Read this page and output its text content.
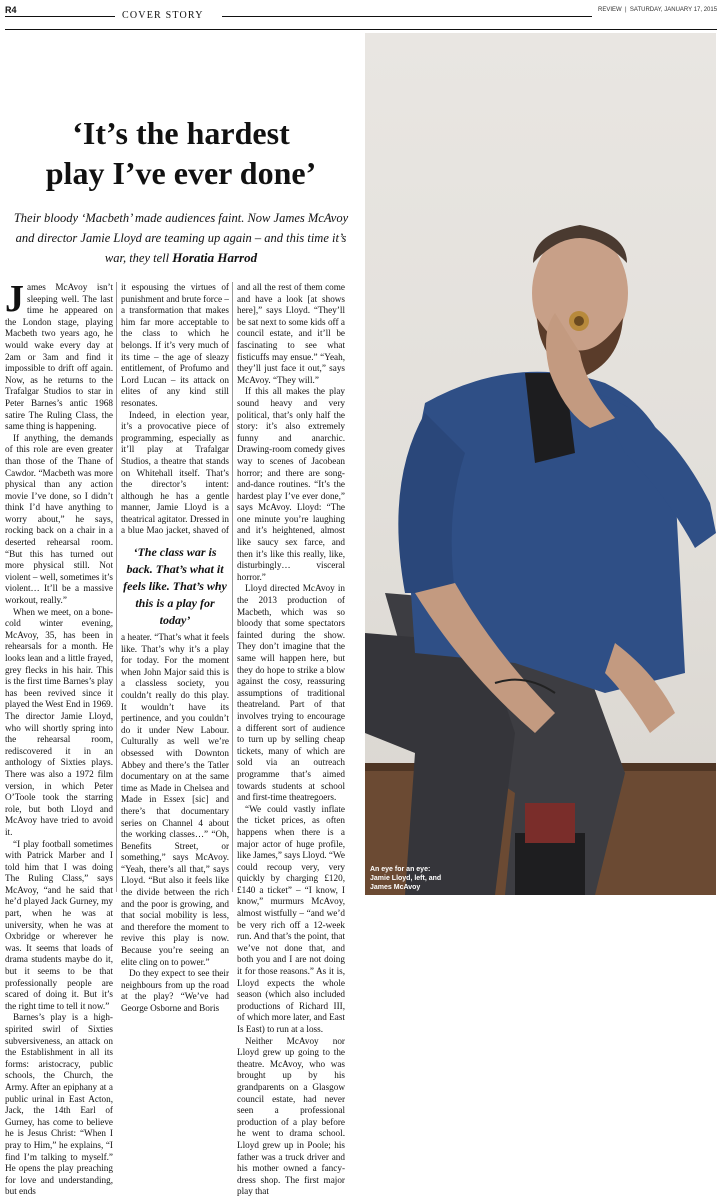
R4	COVER STORY	REVIEW  |  SATURDAY, JANUARY 17, 2015
‘It’s the hardest
play I’ve ever done’
Their bloody ‘Macbeth’ made audiences faint. Now James McAvoy and director Jamie Lloyd are teaming up again – and this time it’s war, they tell Horatia Harrod
J ames McAvoy isn’t sleeping well. The last time he appeared on the London stage, playing Macbeth two years ago, he would wake every day at 2am or 3am and find it impossible to drift off again. Now, as he returns to the Trafalgar Studios to star in Peter Barnes’s antic 1968 satire The Ruling Class, the same thing is happening.

If anything, the demands of this role are even greater than those of the Thane of Cawdor. “Macbeth was more physical than any action movie I’ve done, so I didn’t think I’d have anything to worry about,” he says, rocking back on a chair in a deserted rehearsal room. “But this has turned out more physical still. Not violent – well, sometimes it’s violent… It’ll be a massive workout, really.”

When we meet, on a bone-cold winter evening, McAvoy, 35, has been in rehearsals for a month. He looks lean and a little frayed, grey flecks in his hair. This is the first time Barnes’s play has been revived since it played the West End in 1969. The director Jamie Lloyd, who will shortly spring into the rehearsal room, rediscovered it in an anthology of Sixties plays. There was also a 1972 film version, in which Peter O’Toole took the starring role, but both Lloyd and McAvoy have tried to avoid it.

“I play football sometimes with Patrick Marber and I told him that I was doing The Ruling Class,” says McAvoy, “and he said that he’d played Jack Gurney, my part, when he was at university, when he was at Oxbridge or wherever he was. It seems that loads of drama students maybe do it, but it seems to be that professionally people are scared of doing it. But it’s the right time to tell it now.”

Barnes’s play is a high-spirited swirl of Sixties subversiveness, an attack on the Establishment in all its forms: aristocracy, public schools, the Church, the Army. After an epiphany at a public urinal in East Acton, Jack, the 14th Earl of Gurney, has come to believe he is Jesus Christ: “When I pray to Him,” he explains, “I find I’m talking to myself.” He opens the play preaching for love and understanding, but ends

it espousing the virtues of punishment and brute force – a transformation that makes him far more acceptable to the class to which he belongs. If it’s very much of its time – the age of sleazy entitlement, of Profumo and Lord Lucan – its attack on elites of any kind still resonates.

Indeed, in election year, it’s a provocative piece of programming, especially as it’ll play at Trafalgar Studios, a theatre that stands on Whitehall itself. That’s the director’s intent: although he has a gentle manner, Jamie Lloyd is a theatrical agitator. Dressed in a blue Mao jacket, shaved of

‘The class war is back. That’s what it feels like. That’s why this is a play for today’

a heater. “That’s what it feels like. That’s why it’s a play for today. For the moment when John Major said this is a classless society, you couldn’t really do this play. It wouldn’t have its pertinence, and you couldn’t do it under New Labour. Culturally as well we’re obsessed with Downton Abbey and there’s the Tatler documentary on at the same time as Made in Chelsea and Made in Essex [sic] and there’s that documentary series on Channel 4 about the working classes…” “Oh, Benefits Street, or something,” says McAvoy. “Yeah, there’s all that,” says Lloyd. “But also it feels like the divide between the rich and the poor is growing, and that social mobility is less, and therefore the moment to revive this play is now. Because you’re seeing an elite cling on to power.”

Do they expect to see their neighbours from up the road at the play? “We’ve had George Osborne and Boris

and all the rest of them come and have a look [at shows here],” says Lloyd. “They’ll be sat next to some kids off a council estate, and it’ll be fascinating to see what fisticuffs may ensue.” “Yeah, they’ll just face it out,” says McAvoy. “They will.”

If this all makes the play sound heavy and very political, that’s only half the story: it’s also extremely funny and anarchic. Drawing-room comedy gives way to scenes of Jacobean horror; and there are song-and-dance routines. “It’s the hardest play I’ve ever done,” says McAvoy. Lloyd: “The one minute you’re laughing and it’s heightened, almost like saucy sex farce, and then it’s like this really, like, disturbingly… visceral horror.”

Lloyd directed McAvoy in the 2013 production of Macbeth, which was so bloody that some spectators fainted during the show. They don’t imagine that the same will happen here, but they do hope to strike a blow against the cosy, reassuring assumptions of traditional theatreland. Part of that involves trying to encourage a different sort of audience to turn up by selling cheap tickets, many of which are sold via an outreach programme that’s aimed towards students at school and first-time theatregoers.

“We could vastly inflate the ticket prices, as often happens when there is a major actor of huge profile, like James,” says Lloyd. “We could recoup very, very quickly by charging £120, £140 a ticket” – “I know, I know,” murmurs McAvoy, almost wistfully – “and we’d be very rich off a 12-week run. And that’s the point, that we’ve not done that, and both you and I are not doing it for those reasons.” As it is, Lloyd expects the whole season (which also included productions of Richard III, of which more later, and East Is East) to run at a loss.

Neither McAvoy nor Lloyd grew up going to the theatre. McAvoy, who was brought up by his grandparents on a Glasgow council estate, had never seen a professional production of a play before he went to drama school. Lloyd grew up in Poole; his father was a truck driver and his mother owned a fancy-dress shop. The first major play that

An eye for an eye:
Jamie Lloyd, left, and James McAvoy
